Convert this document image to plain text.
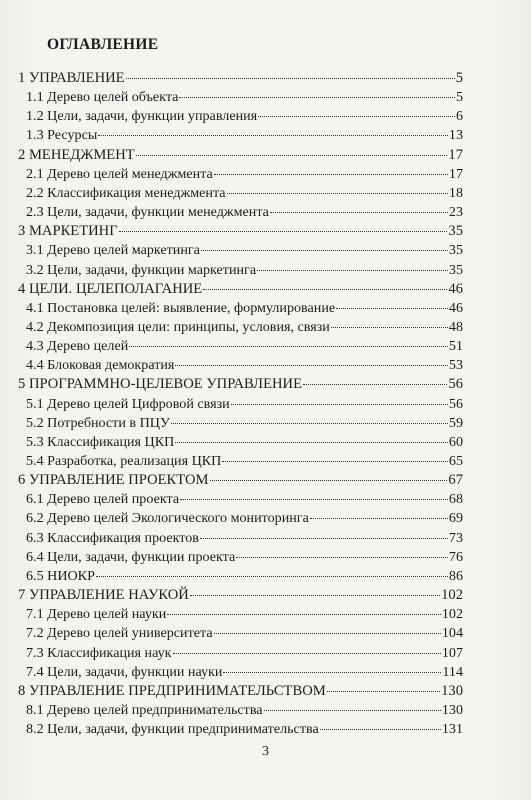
ОГЛАВЛЕНИЕ
1 УПРАВЛЕНИЕ	5
1.1 Дерево целей объекта	5
1.2 Цели, задачи, функции управления	6
1.3 Ресурсы	13
2 МЕНЕДЖМЕНТ	17
2.1 Дерево целей менеджмента	17
2.2 Классификация менеджмента	18
2.3 Цели, задачи, функции менеджмента	23
3 МАРКЕТИНГ	35
3.1 Дерево целей маркетинга	35
3.2 Цели, задачи, функции маркетинга	35
4 ЦЕЛИ. ЦЕЛЕПОЛАГАНИЕ	46
4.1 Постановка целей: выявление, формулирование	46
4.2 Декомпозиция цели: принципы, условия, связи	48
4.3 Дерево целей	51
4.4 Блоковая демократия	53
5 ПРОГРАММНО-ЦЕЛЕВОЕ УПРАВЛЕНИЕ	56
5.1 Дерево целей Цифровой связи	56
5.2 Потребности в ПЦУ	59
5.3 Классификация ЦКП	60
5.4 Разработка, реализация ЦКП	65
6 УПРАВЛЕНИЕ ПРОЕКТОМ	67
6.1 Дерево целей проекта	68
6.2 Дерево целей Экологического мониторинга	69
6.3 Классификация проектов	73
6.4 Цели, задачи, функции проекта	76
6.5 НИОКР	86
7 УПРАВЛЕНИЕ НАУКОЙ	102
7.1 Дерево целей науки	102
7.2 Дерево целей университета	104
7.3 Классификация наук	107
7.4 Цели, задачи, функции науки	114
8 УПРАВЛЕНИЕ ПРЕДПРИНИМАТЕЛЬСТВОМ	130
8.1 Дерево целей предпринимательства	130
8.2 Цели, задачи, функции предпринимательства	131
3
